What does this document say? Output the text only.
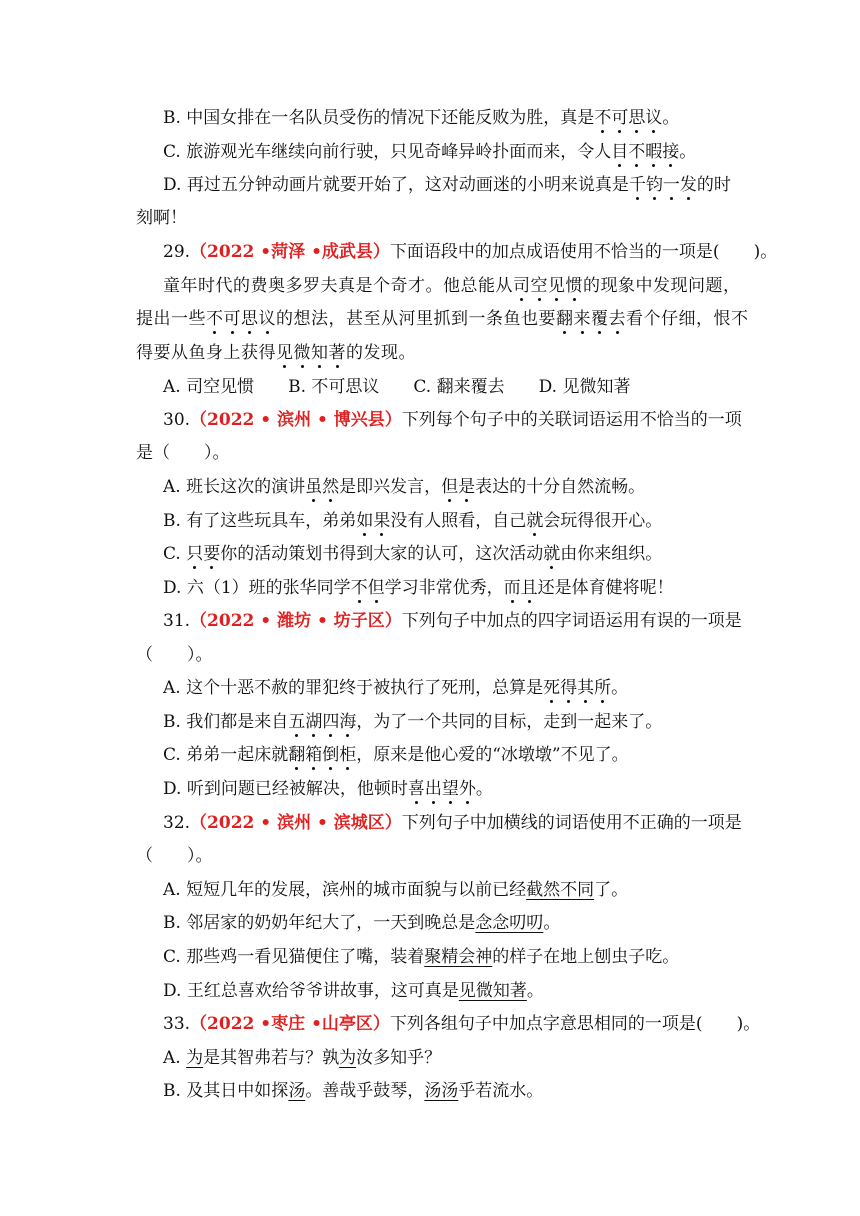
B. 中国女排在一名队员受伤的情况下还能反败为胜，真是不可思议。
C. 旅游观光车继续向前行驶，只见奇峰异岭扑面而来，令人目不暇接。
D. 再过五分钟动画片就要开始了，这对动画迷的小明来说真是千钧一发的时
刻啊！
29.（2022 •菏泽 •成武县）下面语段中的加点成语使用不恰当的一项是(　　)。
童年时代的费奥多罗夫真是个奇才。他总能从司空见惯的现象中发现问题，
提出一些不可思议的想法，甚至从河里抓到一条鱼也要翻来覆去看个仔细，恨不
得要从鱼身上获得见微知著的发现。
A. 司空见惯 B. 不可思议 C. 翻来覆去 D. 见微知著
30.（2022 • 滨州 • 博兴县）下列每个句子中的关联词语运用不恰当的一项
是（　　）。
A. 班长这次的演讲虽然是即兴发言，但是表达的十分自然流畅。
B. 有了这些玩具车，弟弟如果没有人照看，自己就会玩得很开心。
C. 只要你的活动策划书得到大家的认可，这次活动就由你来组织。
D. 六（1）班的张华同学不但学习非常优秀，而且还是体育健将呢！
31.（2022 • 潍坊 • 坊子区）下列句子中加点的四字词语运用有误的一项是
（　　）。
A. 这个十恶不赦的罪犯终于被执行了死刑，总算是死得其所。
B. 我们都是来自五湖四海，为了一个共同的目标，走到一起来了。
C. 弟弟一起床就翻箱倒柜，原来是他心爱的“冰墩墩”不见了。
D. 听到问题已经被解决，他顿时喜出望外。
32.（2022 • 滨州 • 滨城区）下列句子中加横线的词语使用不正确的一项是
（　　）。
A. 短短几年的发展，滨州的城市面貌与以前已经截然不同了。
B. 邻居家的奶奶年纪大了，一天到晚总是念念叨叨。
C. 那些鸡一看见猫便住了嘴，装着聚精会神的样子在地上刨虫子吃。
D. 王红总喜欢给爷爷讲故事，这可真是见微知著。
33.（2022 •枣庄 •山亭区）下列各组句子中加点字意思相同的一项是(　　)。
A. 为是其智弗若与？孰为汝多知乎？
B. 及其日中如探汤。善哉乎鼓琴，汤汤乎若流水。
